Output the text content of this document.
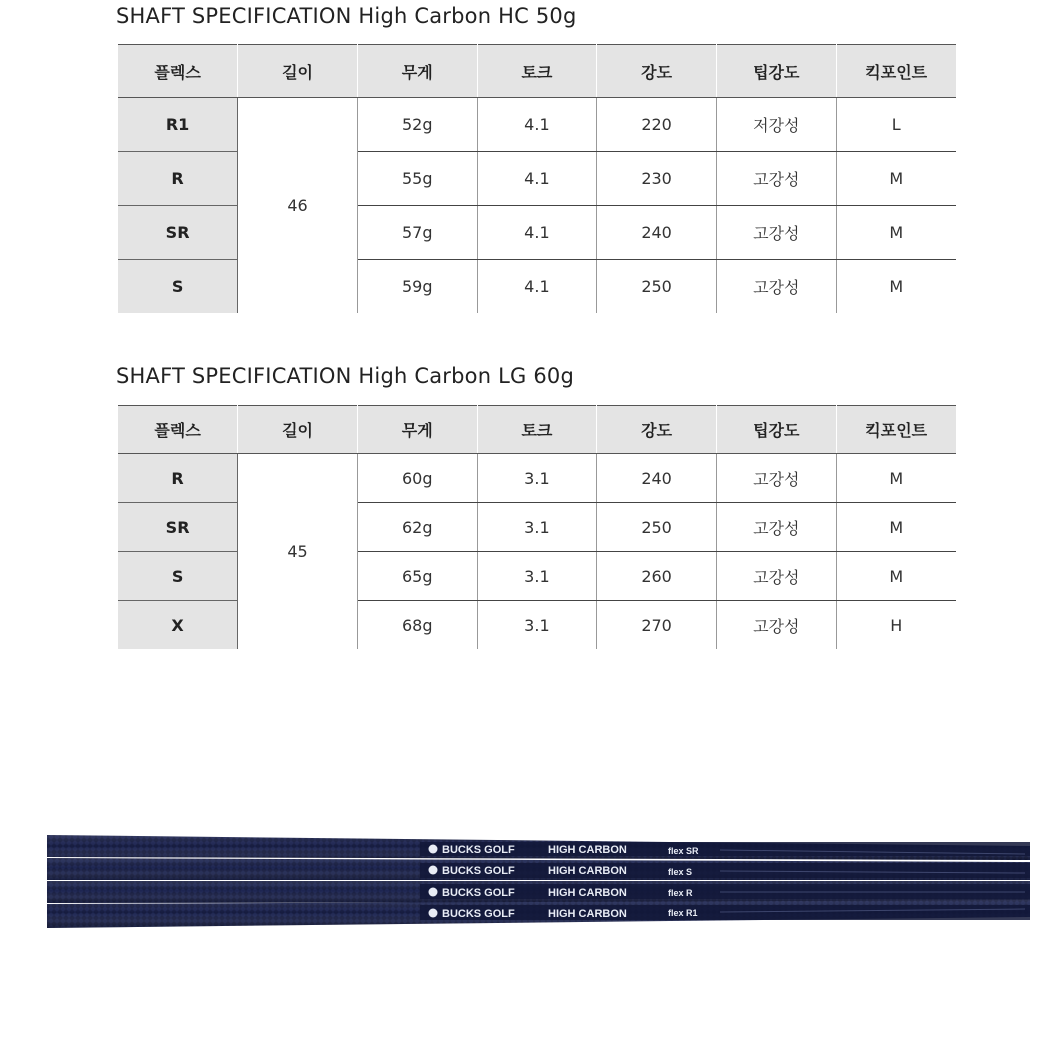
SHAFT SPECIFICATION High Carbon HC 50g
플렉스	길이	무게	토크	강도	팁강도	킥포인트
R1	46	52g	4.1	220	저강성	L
R		55g	4.1	230	고강성	M
SR		57g	4.1	240	고강성	M
S		59g	4.1	250	고강성	M
SHAFT SPECIFICATION High Carbon LG 60g
플렉스	길이	무게	토크	강도	팁강도	킥포인트
R	45	60g	3.1	240	고강성	M
SR		62g	3.1	250	고강성	M
S		65g	3.1	260	고강성	M
X		68g	3.1	270	고강성	H
BUCKS GOLF	HIGH CARBON	flex SR
BUCKS GOLF	HIGH CARBON	flex S
BUCKS GOLF	HIGH CARBON	flex R
BUCKS GOLF	HIGH CARBON	flex R1
